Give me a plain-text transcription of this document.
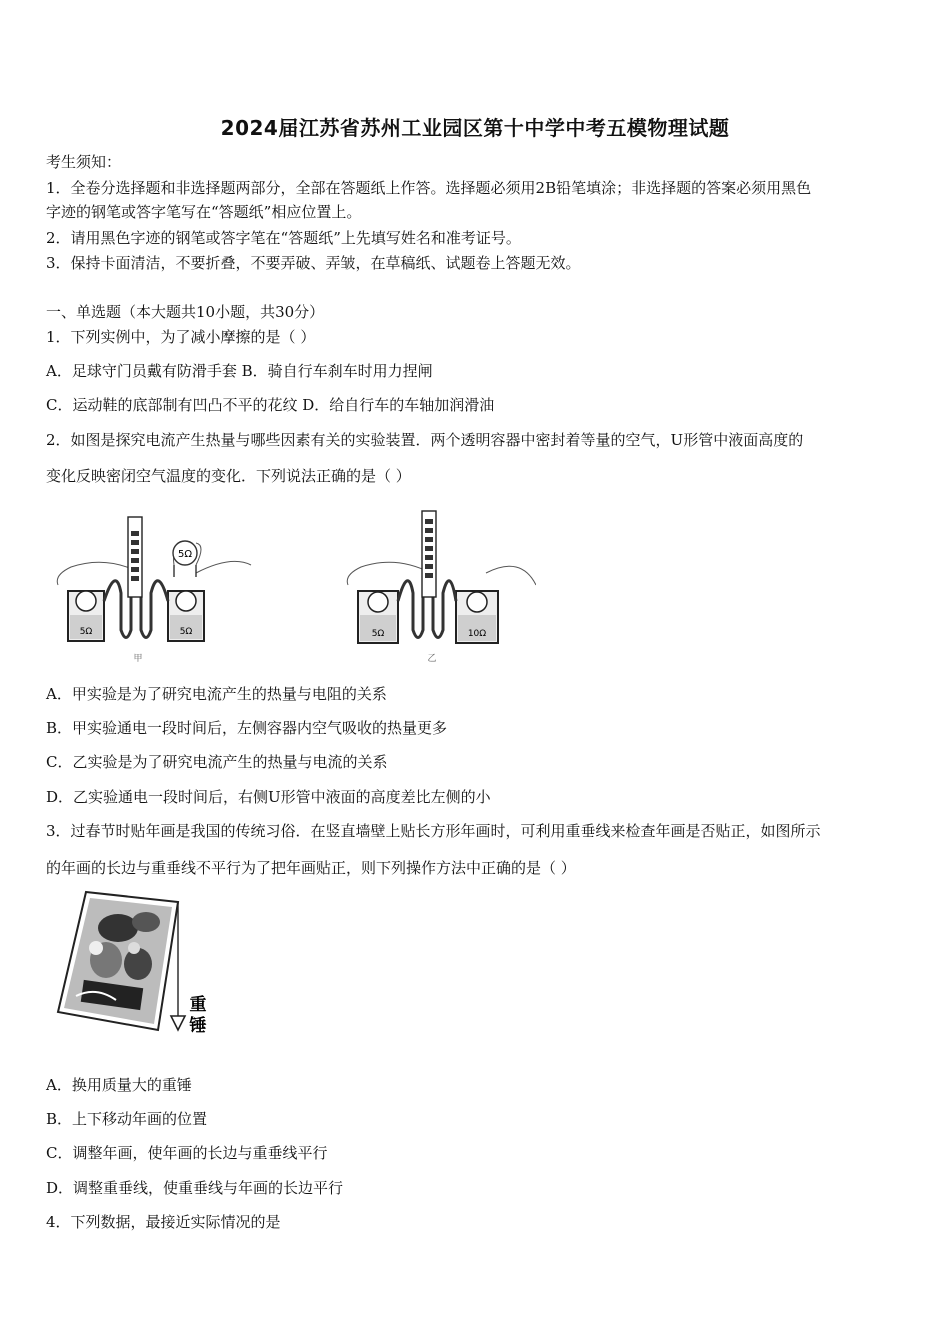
2024届江苏省苏州工业园区第十中学中考五模物理试题
考生须知：
1．全卷分选择题和非选择题两部分，全部在答题纸上作答。选择题必须用2B铅笔填涂；非选择题的答案必须用黑色
字迹的钢笔或答字笔写在“答题纸”相应位置上。
2．请用黑色字迹的钢笔或答字笔在“答题纸”上先填写姓名和准考证号。
3．保持卡面清洁，不要折叠，不要弄破、弄皱，在草稿纸、试题卷上答题无效。
一、单选题（本大题共10小题，共30分）
1．下列实例中，为了减小摩擦的是（ ）
A．足球守门员戴有防滑手套 B．骑自行车刹车时用力捏闸
C．运动鞋的底部制有凹凸不平的花纹 D．给自行车的车轴加润滑油
2．如图是探究电流产生热量与哪些因素有关的实验装置．两个透明容器中密封着等量的空气，U形管中液面高度的
变化反映密闭空气温度的变化．下列说法正确的是（ ）
5Ω
5Ω	5Ω
甲
5Ω	10Ω
乙
A．甲实验是为了研究电流产生的热量与电阻的关系
B．甲实验通电一段时间后，左侧容器内空气吸收的热量更多
C．乙实验是为了研究电流产生的热量与电流的关系
D．乙实验通电一段时间后，右侧U形管中液面的高度差比左侧的小
3．过春节时贴年画是我国的传统习俗．在竖直墙壁上贴长方形年画时，可利用重垂线来检查年画是否贴正，如图所示
的年画的长边与重垂线不平行为了把年画贴正，则下列操作方法中正确的是（ ）
重
锤
A．换用质量大的重锤
B．上下移动年画的位置
C．调整年画，使年画的长边与重垂线平行
D．调整重垂线，使重垂线与年画的长边平行
4．下列数据，最接近实际情况的是
